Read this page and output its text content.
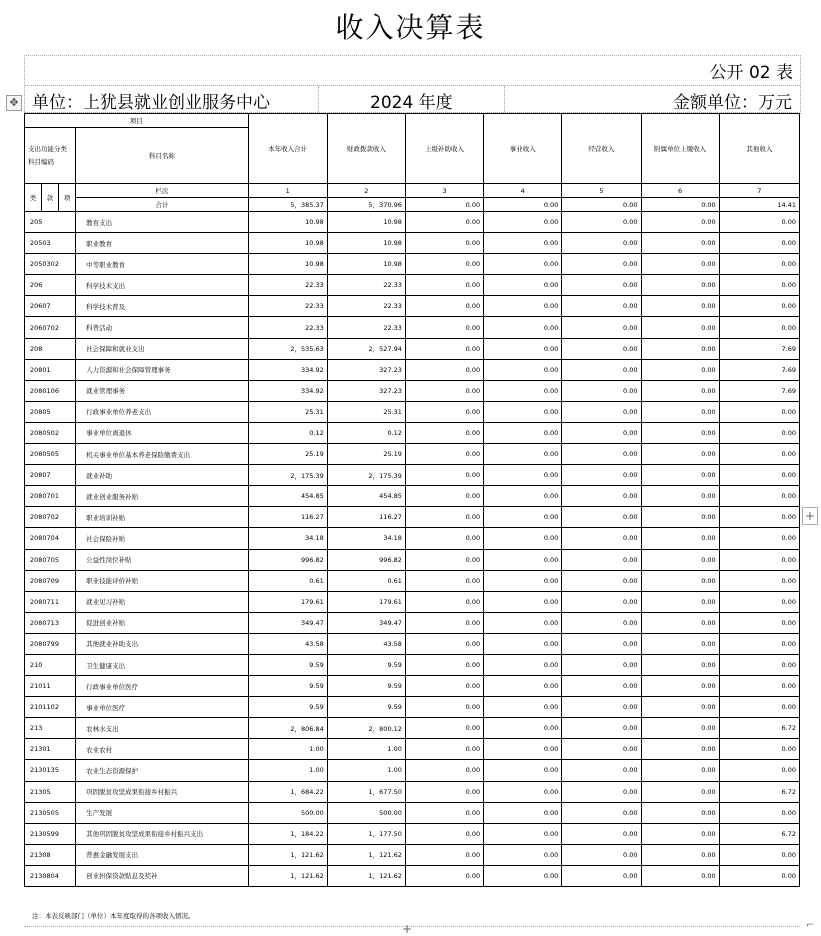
收入决算表
公开 02 表
单位：上犹县就业创业服务中心	2024 年度	金额单位：万元
✥
项目				本年收入合计	财政拨款收入	上级补助收入	事业收入	经营收入	附属单位上缴收入	其他收入
支出功能分类科目编码			科目名称							

类	款	项	栏次	1	2	3	4	5	6	7
			合计	5，385.37	5，370.96	0.00	0.00	0.00	0.00	14.41
205			教育支出	10.98	10.98	0.00	0.00	0.00	0.00	0.00
20503			职业教育	10.98	10.98	0.00	0.00	0.00	0.00	0.00
2050302			中等职业教育	10.98	10.98	0.00	0.00	0.00	0.00	0.00
206			科学技术支出	22.33	22.33	0.00	0.00	0.00	0.00	0.00
20607			科学技术普及	22.33	22.33	0.00	0.00	0.00	0.00	0.00
2060702			科普活动	22.33	22.33	0.00	0.00	0.00	0.00	0.00
208			社会保障和就业支出	2，535.63	2，527.94	0.00	0.00	0.00	0.00	7.69
20801			人力资源和社会保障管理事务	334.92	327.23	0.00	0.00	0.00	0.00	7.69
2080106			就业管理事务	334.92	327.23	0.00	0.00	0.00	0.00	7.69
20805			行政事业单位养老支出	25.31	25.31	0.00	0.00	0.00	0.00	0.00
2080502			事业单位离退休	0.12	0.12	0.00	0.00	0.00	0.00	0.00
2080505			机关事业单位基本养老保险缴费支出	25.19	25.19	0.00	0.00	0.00	0.00	0.00
20807			就业补助	2，175.39	2，175.39	0.00	0.00	0.00	0.00	0.00
2080701			就业创业服务补贴	454.85	454.85	0.00	0.00	0.00	0.00	0.00
2080702			职业培训补贴	116.27	116.27	0.00	0.00	0.00	0.00	0.00
2080704			社会保险补贴	34.18	34.18	0.00	0.00	0.00	0.00	0.00
2080705			公益性岗位补贴	996.82	996.82	0.00	0.00	0.00	0.00	0.00
2080709			职业技能评价补贴	0.61	0.61	0.00	0.00	0.00	0.00	0.00
2080711			就业见习补贴	179.61	179.61	0.00	0.00	0.00	0.00	0.00
2080713			促进创业补贴	349.47	349.47	0.00	0.00	0.00	0.00	0.00
2080799			其他就业补助支出	43.58	43.58	0.00	0.00	0.00	0.00	0.00
210			卫生健康支出	9.59	9.59	0.00	0.00	0.00	0.00	0.00
21011			行政事业单位医疗	9.59	9.59	0.00	0.00	0.00	0.00	0.00
2101102			事业单位医疗	9.59	9.59	0.00	0.00	0.00	0.00	0.00
213			农林水支出	2，806.84	2，800.12	0.00	0.00	0.00	0.00	6.72
21301			农业农村	1.00	1.00	0.00	0.00	0.00	0.00	0.00
2130135			农业生态资源保护	1.00	1.00	0.00	0.00	0.00	0.00	0.00
21305			巩固脱贫攻坚成果衔接乡村振兴	1，684.22	1，677.50	0.00	0.00	0.00	0.00	6.72
2130505			生产发展	500.00	500.00	0.00	0.00	0.00	0.00	0.00
2130599			其他巩固脱贫攻坚成果衔接乡村振兴支出	1，184.22	1，177.50	0.00	0.00	0.00	0.00	6.72
21308			普惠金融发展支出	1，121.62	1，121.62	0.00	0.00	0.00	0.00	0.00
2130804			创业担保贷款贴息及奖补	1，121.62	1，121.62	0.00	0.00	0.00	0.00	0.00
注：本表反映部门（单位）本年度取得的各项收入情况。
+
+	⌐
